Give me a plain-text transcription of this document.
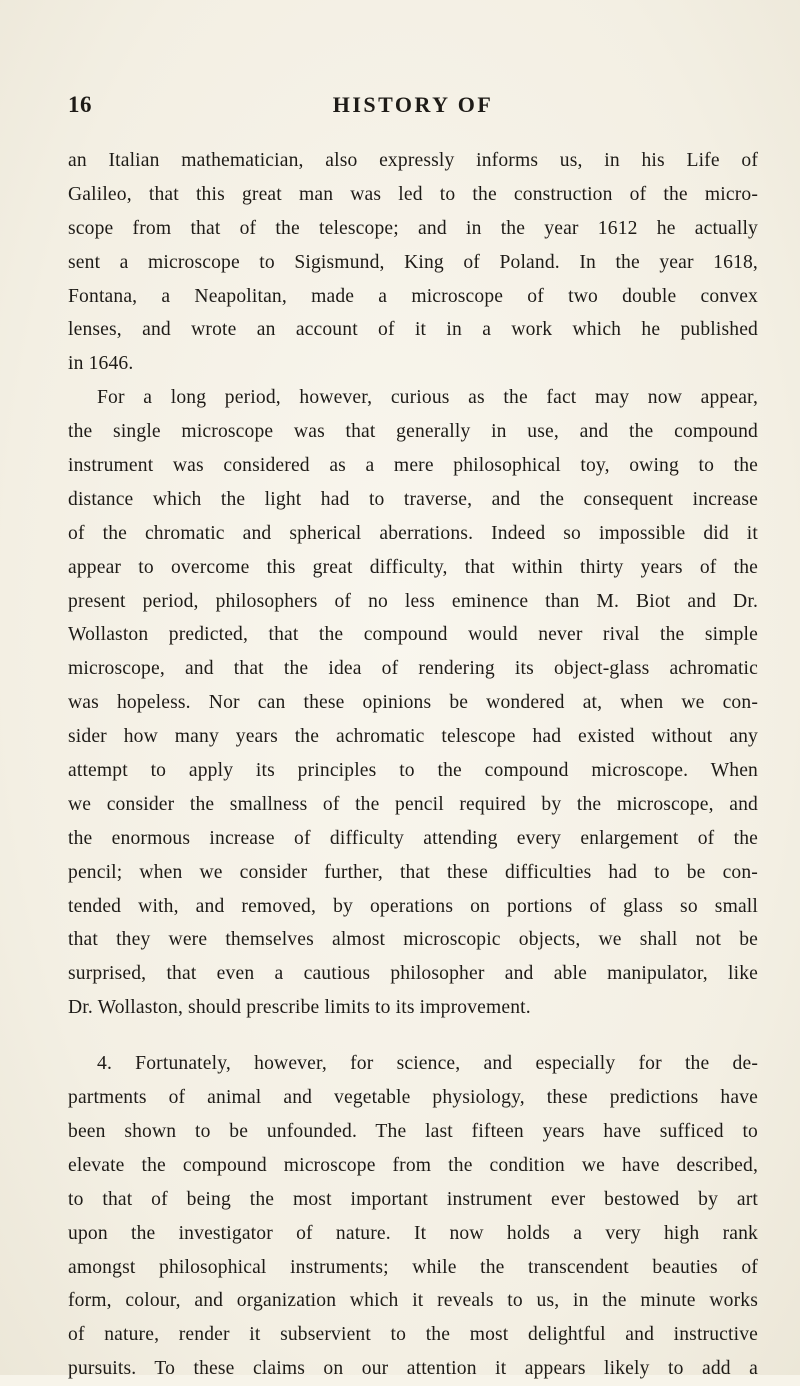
16	HISTORY OF
an Italian mathematician, also expressly informs us, in his Life of
Galileo, that this great man was led to the construction of the micro-
scope from that of the telescope; and in the year 1612 he actually
sent a microscope to Sigismund, King of Poland. In the year 1618,
Fontana, a Neapolitan, made a microscope of two double convex
lenses, and wrote an account of it in a work which he published
in 1646.
For a long period, however, curious as the fact may now appear,
the single microscope was that generally in use, and the compound
instrument was considered as a mere philosophical toy, owing to the
distance which the light had to traverse, and the consequent increase
of the chromatic and spherical aberrations. Indeed so impossible did it
appear to overcome this great difficulty, that within thirty years of the
present period, philosophers of no less eminence than M. Biot and Dr.
Wollaston predicted, that the compound would never rival the simple
microscope, and that the idea of rendering its object-glass achromatic
was hopeless. Nor can these opinions be wondered at, when we con-
sider how many years the achromatic telescope had existed without any
attempt to apply its principles to the compound microscope. When
we consider the smallness of the pencil required by the microscope, and
the enormous increase of difficulty attending every enlargement of the
pencil; when we consider further, that these difficulties had to be con-
tended with, and removed, by operations on portions of glass so small
that they were themselves almost microscopic objects, we shall not be
surprised, that even a cautious philosopher and able manipulator, like
Dr. Wollaston, should prescribe limits to its improvement.
4. Fortunately, however, for science, and especially for the de-
partments of animal and vegetable physiology, these predictions have
been shown to be unfounded. The last fifteen years have sufficed to
elevate the compound microscope from the condition we have described,
to that of being the most important instrument ever bestowed by art
upon the investigator of nature. It now holds a very high rank
amongst philosophical instruments; while the transcendent beauties of
form, colour, and organization which it reveals to us, in the minute works
of nature, render it subservient to the most delightful and instructive
pursuits. To these claims on our attention it appears likely to add a
